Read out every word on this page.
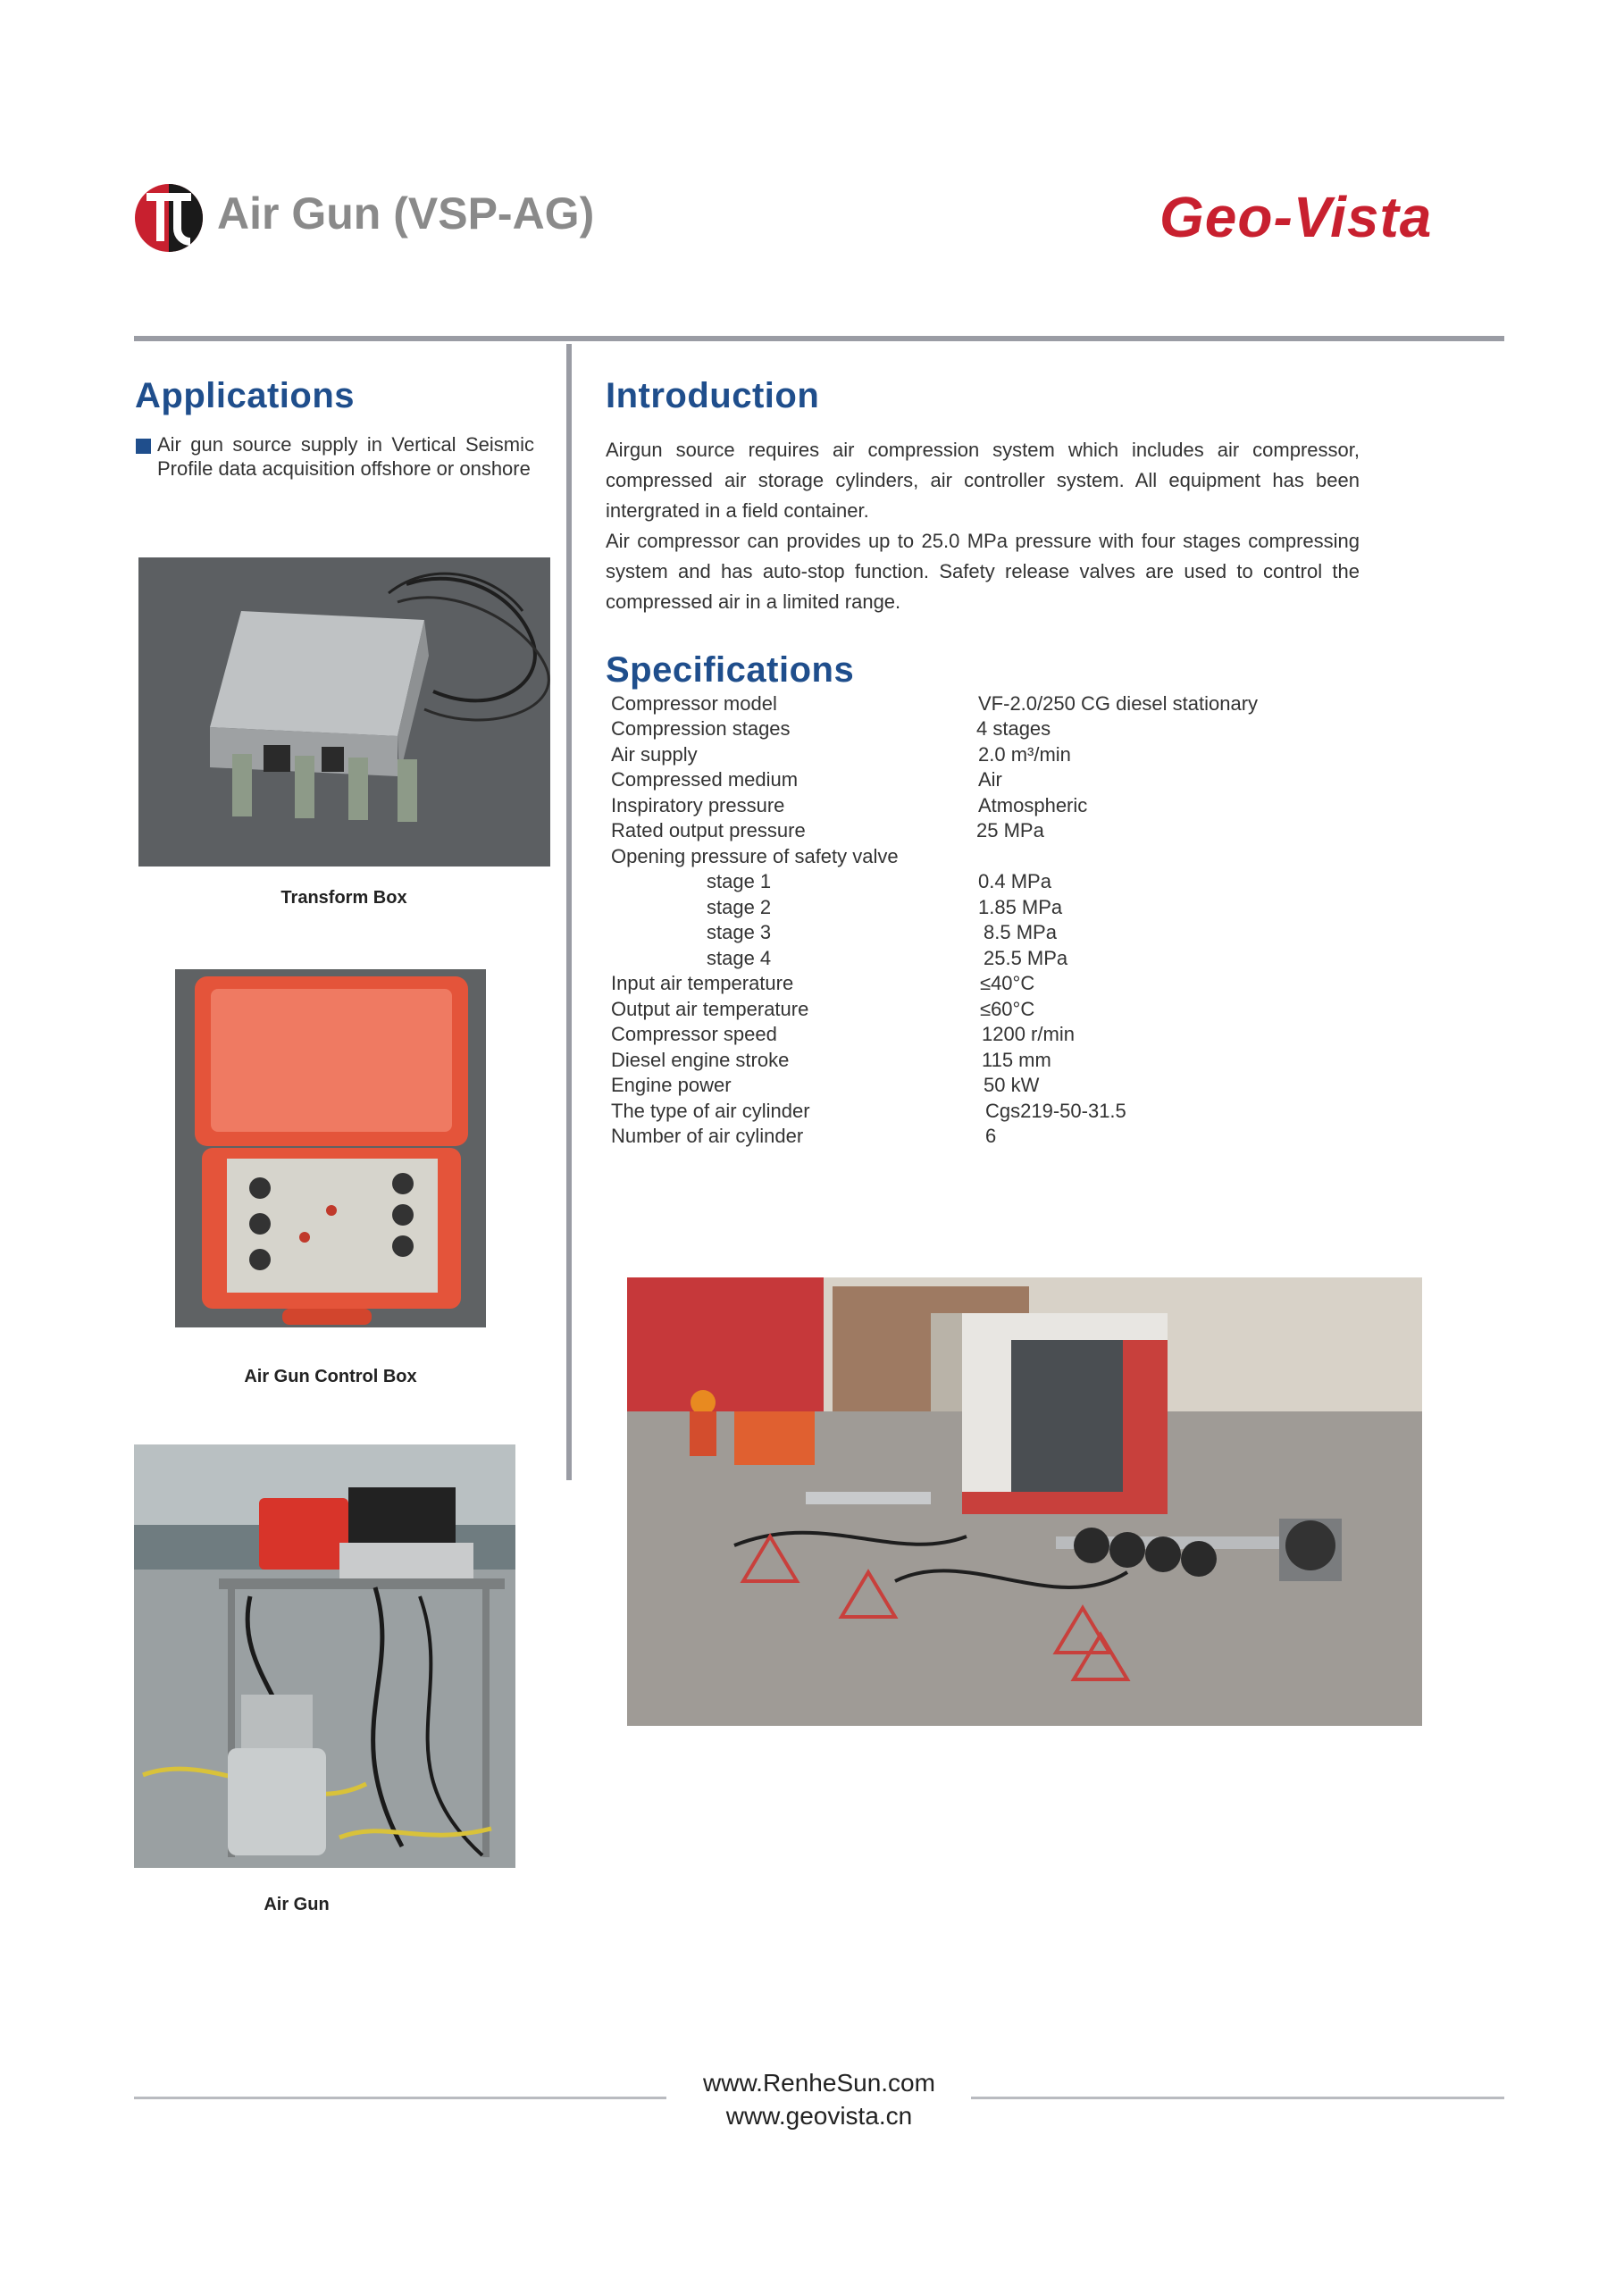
Air Gun (VSP-AG)	Geo-Vista
Applications
Air gun source supply in Vertical Seismic Profile data acquisition offshore or onshore
Transform Box
Air Gun Control Box
Air Gun
Introduction

Airgun source requires air compression system which includes air compressor, compressed air storage cylinders, air controller system. All equipment has been intergrated in a field container.

Air compressor can provides up to 25.0 MPa pressure with four stages compressing system and has auto-stop function. Safety release valves are used to control the compressed air in a limited range.

Specifications
Compressor model	VF-2.0/250 CG diesel stationary
Compression stages	4 stages
Air supply	2.0 m³/min
Compressed medium	Air
Inspiratory pressure	Atmospheric
Rated output pressure	25 MPa
Opening pressure of safety valve
stage 1	0.4 MPa
stage 2	1.85 MPa
stage 3	8.5 MPa
stage 4	25.5 MPa
Input air temperature	≤40°C
Output air temperature	≤60°C
Compressor speed	1200 r/min
Diesel engine stroke	115 mm
Engine power	50 kW
The type of air cylinder	Cgs219-50-31.5
Number of air cylinder	6
www.RenheSun.com
www.geovista.cn
